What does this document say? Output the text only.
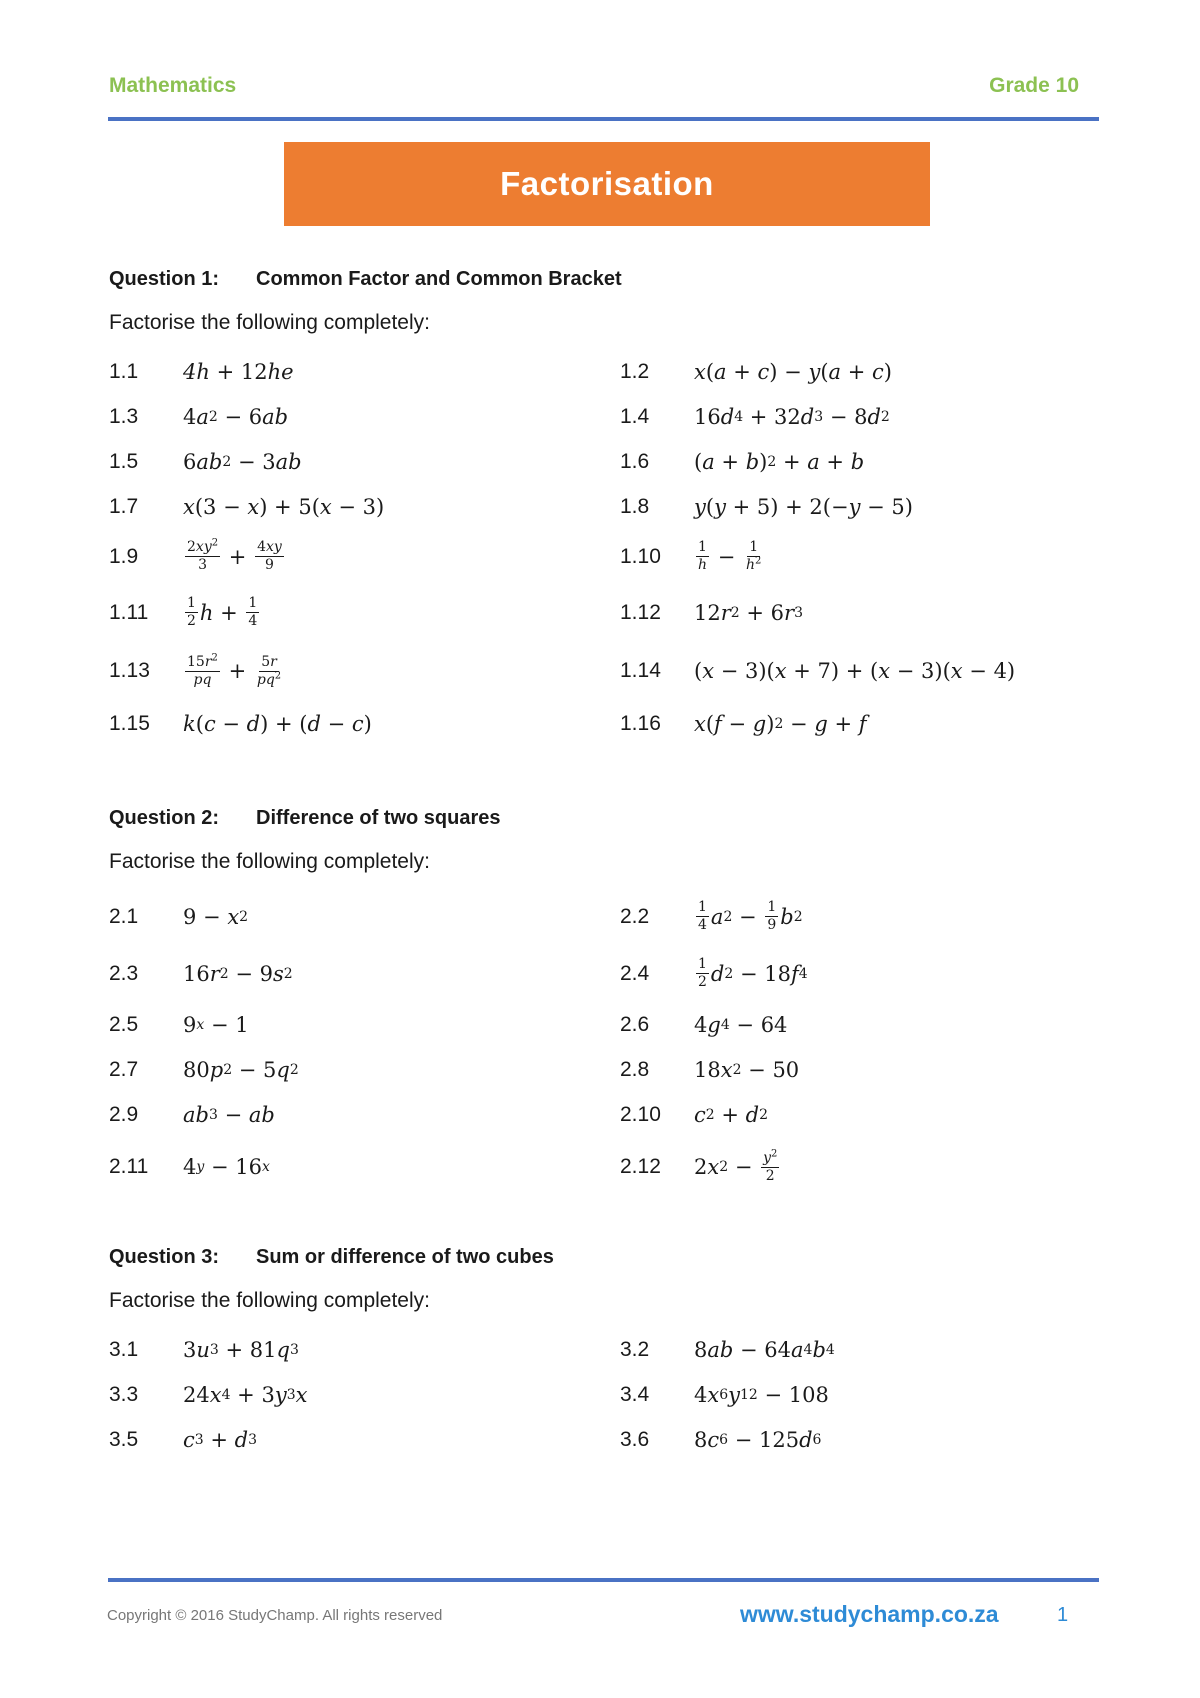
Mathematics	Grade 10
Factorisation
Question 1:	Common Factor and Common Bracket
Factorise the following completely:
1.1	4h + 12 he	1.2	x ( a + c ) − y ( a + c )
1.3	4 a 2 − 6 ab	1.4	16 d 4 + 32 d 3 − 8 d 2
1.5	6 ab 2 − 3 ab	1.6	( a + b ) 2 + a + b
1.7	x (3 − x ) + 5( x − 3)	1.8	y ( y + 5) + 2(− y − 5)
1.9	$\frac{2xy^2}{3} + \frac{4xy}{9}$	1.10	$\frac{1}{h} - \frac{1}{h^2}$
1.11	$\frac{1}{2}$ $h + \frac{1}{4}$	1.12	12 r 2 + 6 r 3
1.13	$\frac{15r^2}{pq} + \frac{5r}{pq^2}$	1.14	( x − 3)( x + 7) + ( x − 3)( x − 4)
1.15	k ( c − d ) + ( d − c )	1.16	x ( f − g ) 2 − g + f
Question 2:	Difference of two squares
Factorise the following completely:
2.1	9 − x 2	2.2	$\frac{1}{4}$ a $2 - \frac{1}{9}$ b 2
2.3	16 r 2 − 9 s 2	2.4	$\frac{1}{2}$ d 2 − 18 f 4
2.5	9 x − 1	2.6	4 g 4 − 64
2.7	80 p 2 − 5 q 2	2.8	18 x 2 − 50
2.9	ab 3 − ab	2.10	c 2 + d 2
2.11	4 y − 16 x	2.12	2 x $2 - \frac{y^2}{2}$
Question 3:	Sum or difference of two cubes
Factorise the following completely:
3.1	3 u 3 + 81 q 3	3.2	8 ab − 64 a 4 b 4
3.3	24 x 4 + 3 y 3 x	3.4	4 x 6 y 12 − 108
3.5	c 3 + d 3	3.6	8 c 6 − 125 d 6
Copyright © 2016 StudyChamp. All rights reserved	www.studychamp.co.za	1
